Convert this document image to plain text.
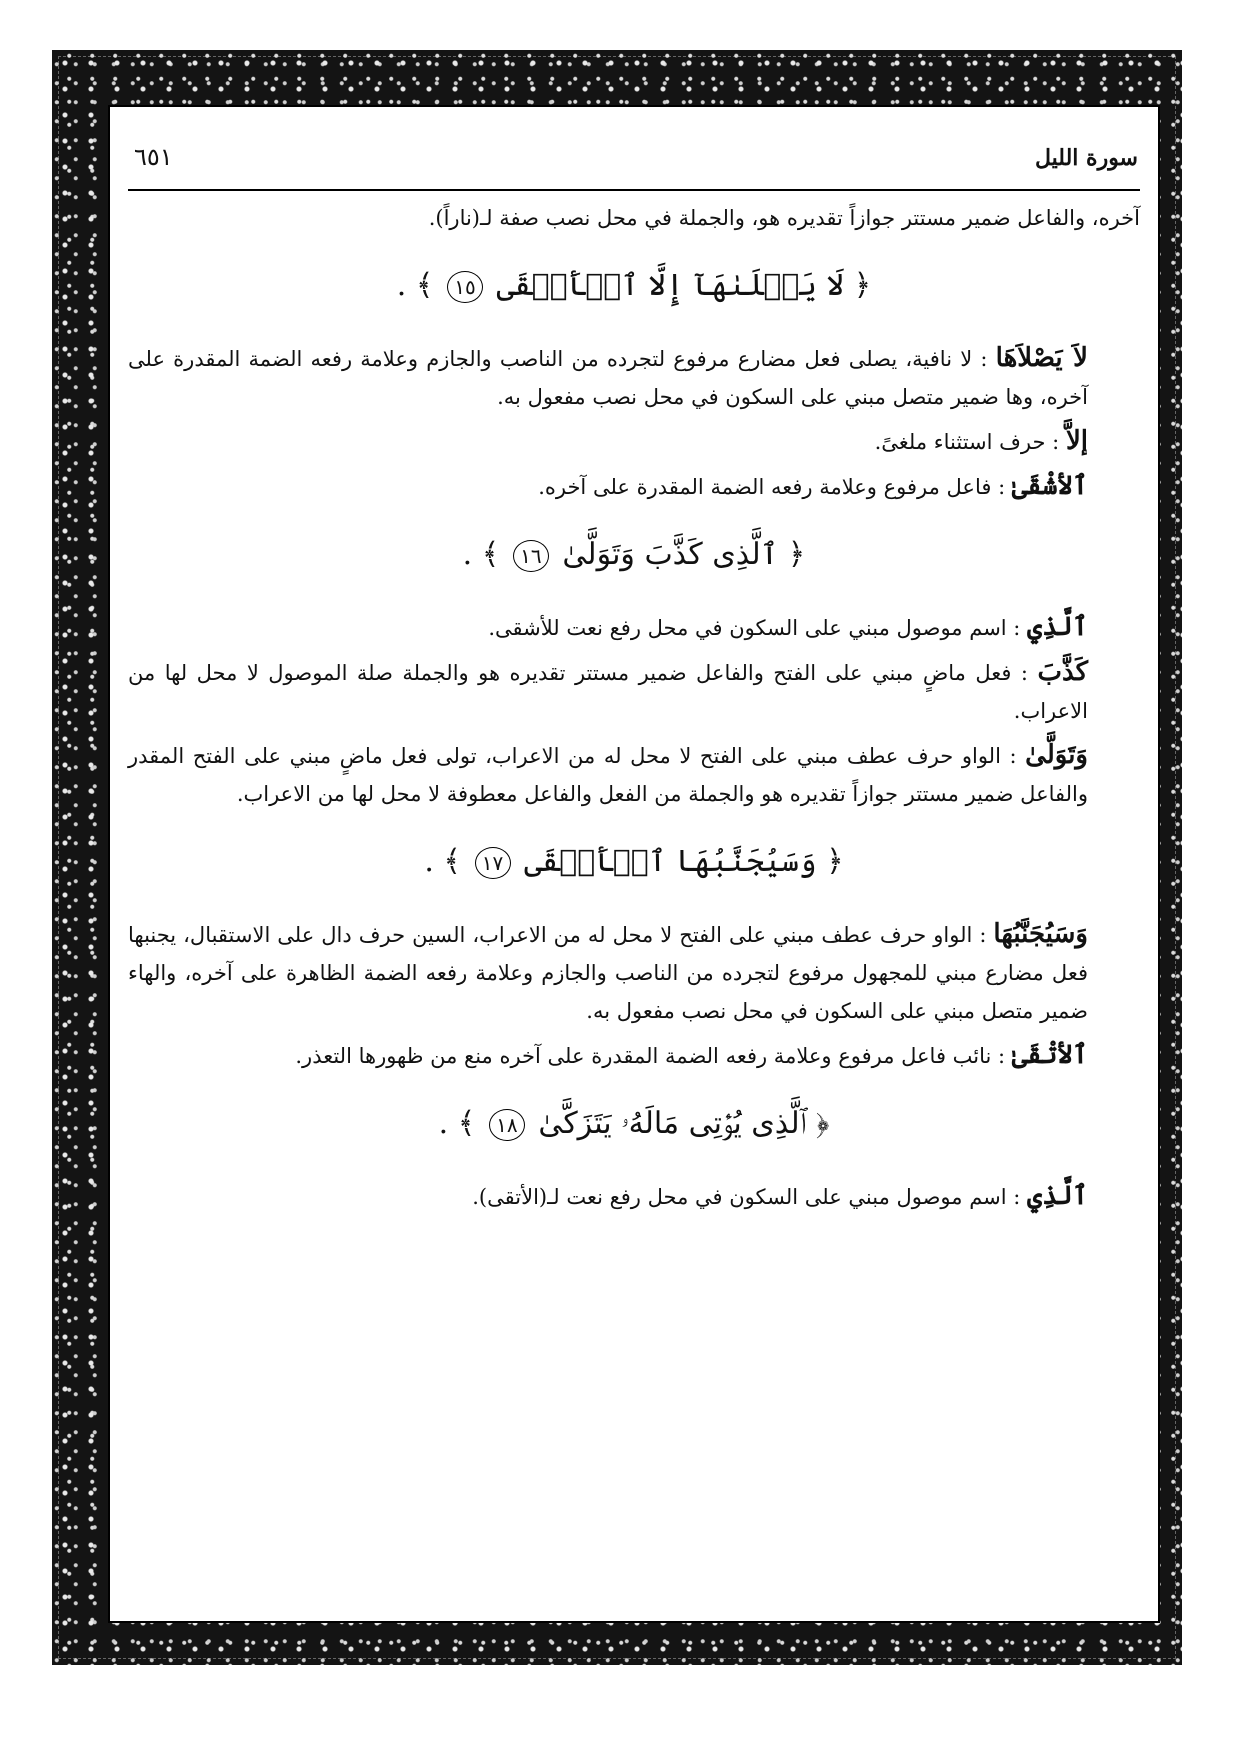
سورة الليل
٦٥١

آخره، والفاعل ضمير مستتر جوازاً تقديره هو، والجملة في محل نصب صفة لـ(ناراً).

﴿ لَا يَصۡلَىٰهَآ إِلَّا ٱلۡأَشۡقَى ١٥ ﴾ .

لاَ يَصْلاَهَا : لا نافية، يصلى فعل مضارع مرفوع لتجرده من الناصب والجازم وعلامة رفعه الضمة المقدرة على آخره، وها ضمير متصل مبني على السكون في محل نصب مفعول به.

إلاَّ : حرف استثناء ملغىً.

ٱلأشْقَىٰ : فاعل مرفوع وعلامة رفعه الضمة المقدرة على آخره.

﴿ ٱلَّذِى كَذَّبَ وَتَوَلَّىٰ ١٦ ﴾ .

ٱلَّذِي : اسم موصول مبني على السكون في محل رفع نعت للأشقى.

كَذَّبَ : فعل ماضٍ مبني على الفتح والفاعل ضمير مستتر تقديره هو والجملة صلة الموصول لا محل لها من الاعراب.

وَتَوَلَّىٰ : الواو حرف عطف مبني على الفتح لا محل له من الاعراب، تولى فعل ماضٍ مبني على الفتح المقدر والفاعل ضمير مستتر جوازاً تقديره هو والجملة من الفعل والفاعل معطوفة لا محل لها من الاعراب.

﴿ وَسَيُجَنَّبُهَا ٱلۡأَتۡقَى ١٧ ﴾ .

وَسَيُجَنَّبُهَا : الواو حرف عطف مبني على الفتح لا محل له من الاعراب، السين حرف دال على الاستقبال، يجنبها فعل مضارع مبني للمجهول مرفوع لتجرده من الناصب والجازم وعلامة رفعه الضمة الظاهرة على آخره، والهاء ضمير متصل مبني على السكون في محل نصب مفعول به.

ٱلأتْقَىٰ : نائب فاعل مرفوع وعلامة رفعه الضمة المقدرة على آخره منع من ظهورها التعذر.

﴿ ٱلَّذِى يُؤۡتِى مَالَهُۥ يَتَزَكَّىٰ ١٨ ﴾ .

ٱلَّذِي : اسم موصول مبني على السكون في محل رفع نعت لـ(الأتقى).
